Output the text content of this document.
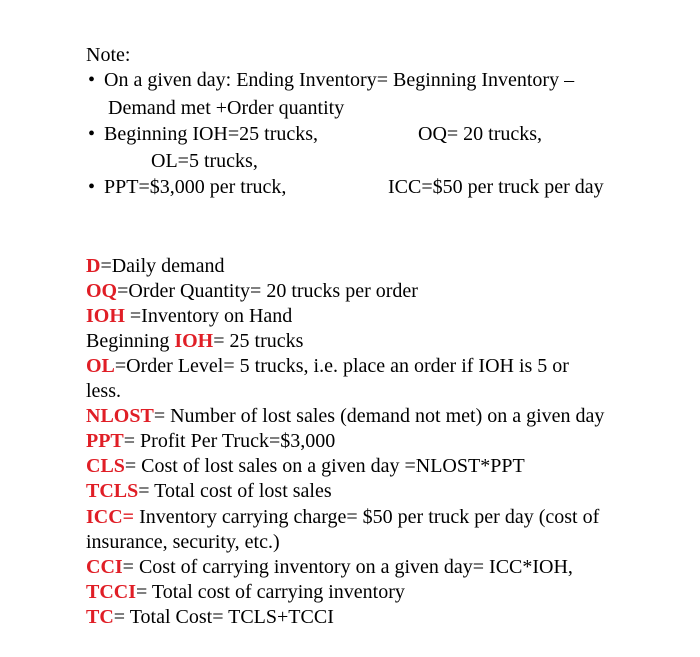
Note:
• On a given day: Ending Inventory= Beginning Inventory –
Demand met +Order quantity
• Beginning IOH=25 trucks,	OQ= 20 trucks,
OL=5 trucks,
• PPT=$3,000 per truck,	ICC=$50 per truck per day
D=Daily demand
OQ=Order Quantity= 20 trucks per order
IOH =Inventory on Hand
Beginning IOH= 25 trucks
OL=Order Level= 5 trucks, i.e. place an order if IOH is 5 or
less.
NLOST= Number of lost sales (demand not met) on a given day
PPT= Profit Per Truck=$3,000
CLS= Cost of lost sales on a given day =NLOST*PPT
TCLS= Total cost of lost sales
ICC= Inventory carrying charge= $50 per truck per day (cost of
insurance, security, etc.)
CCI= Cost of carrying inventory on a given day= ICC*IOH,
TCCI= Total cost of carrying inventory
TC= Total Cost= TCLS+TCCI
